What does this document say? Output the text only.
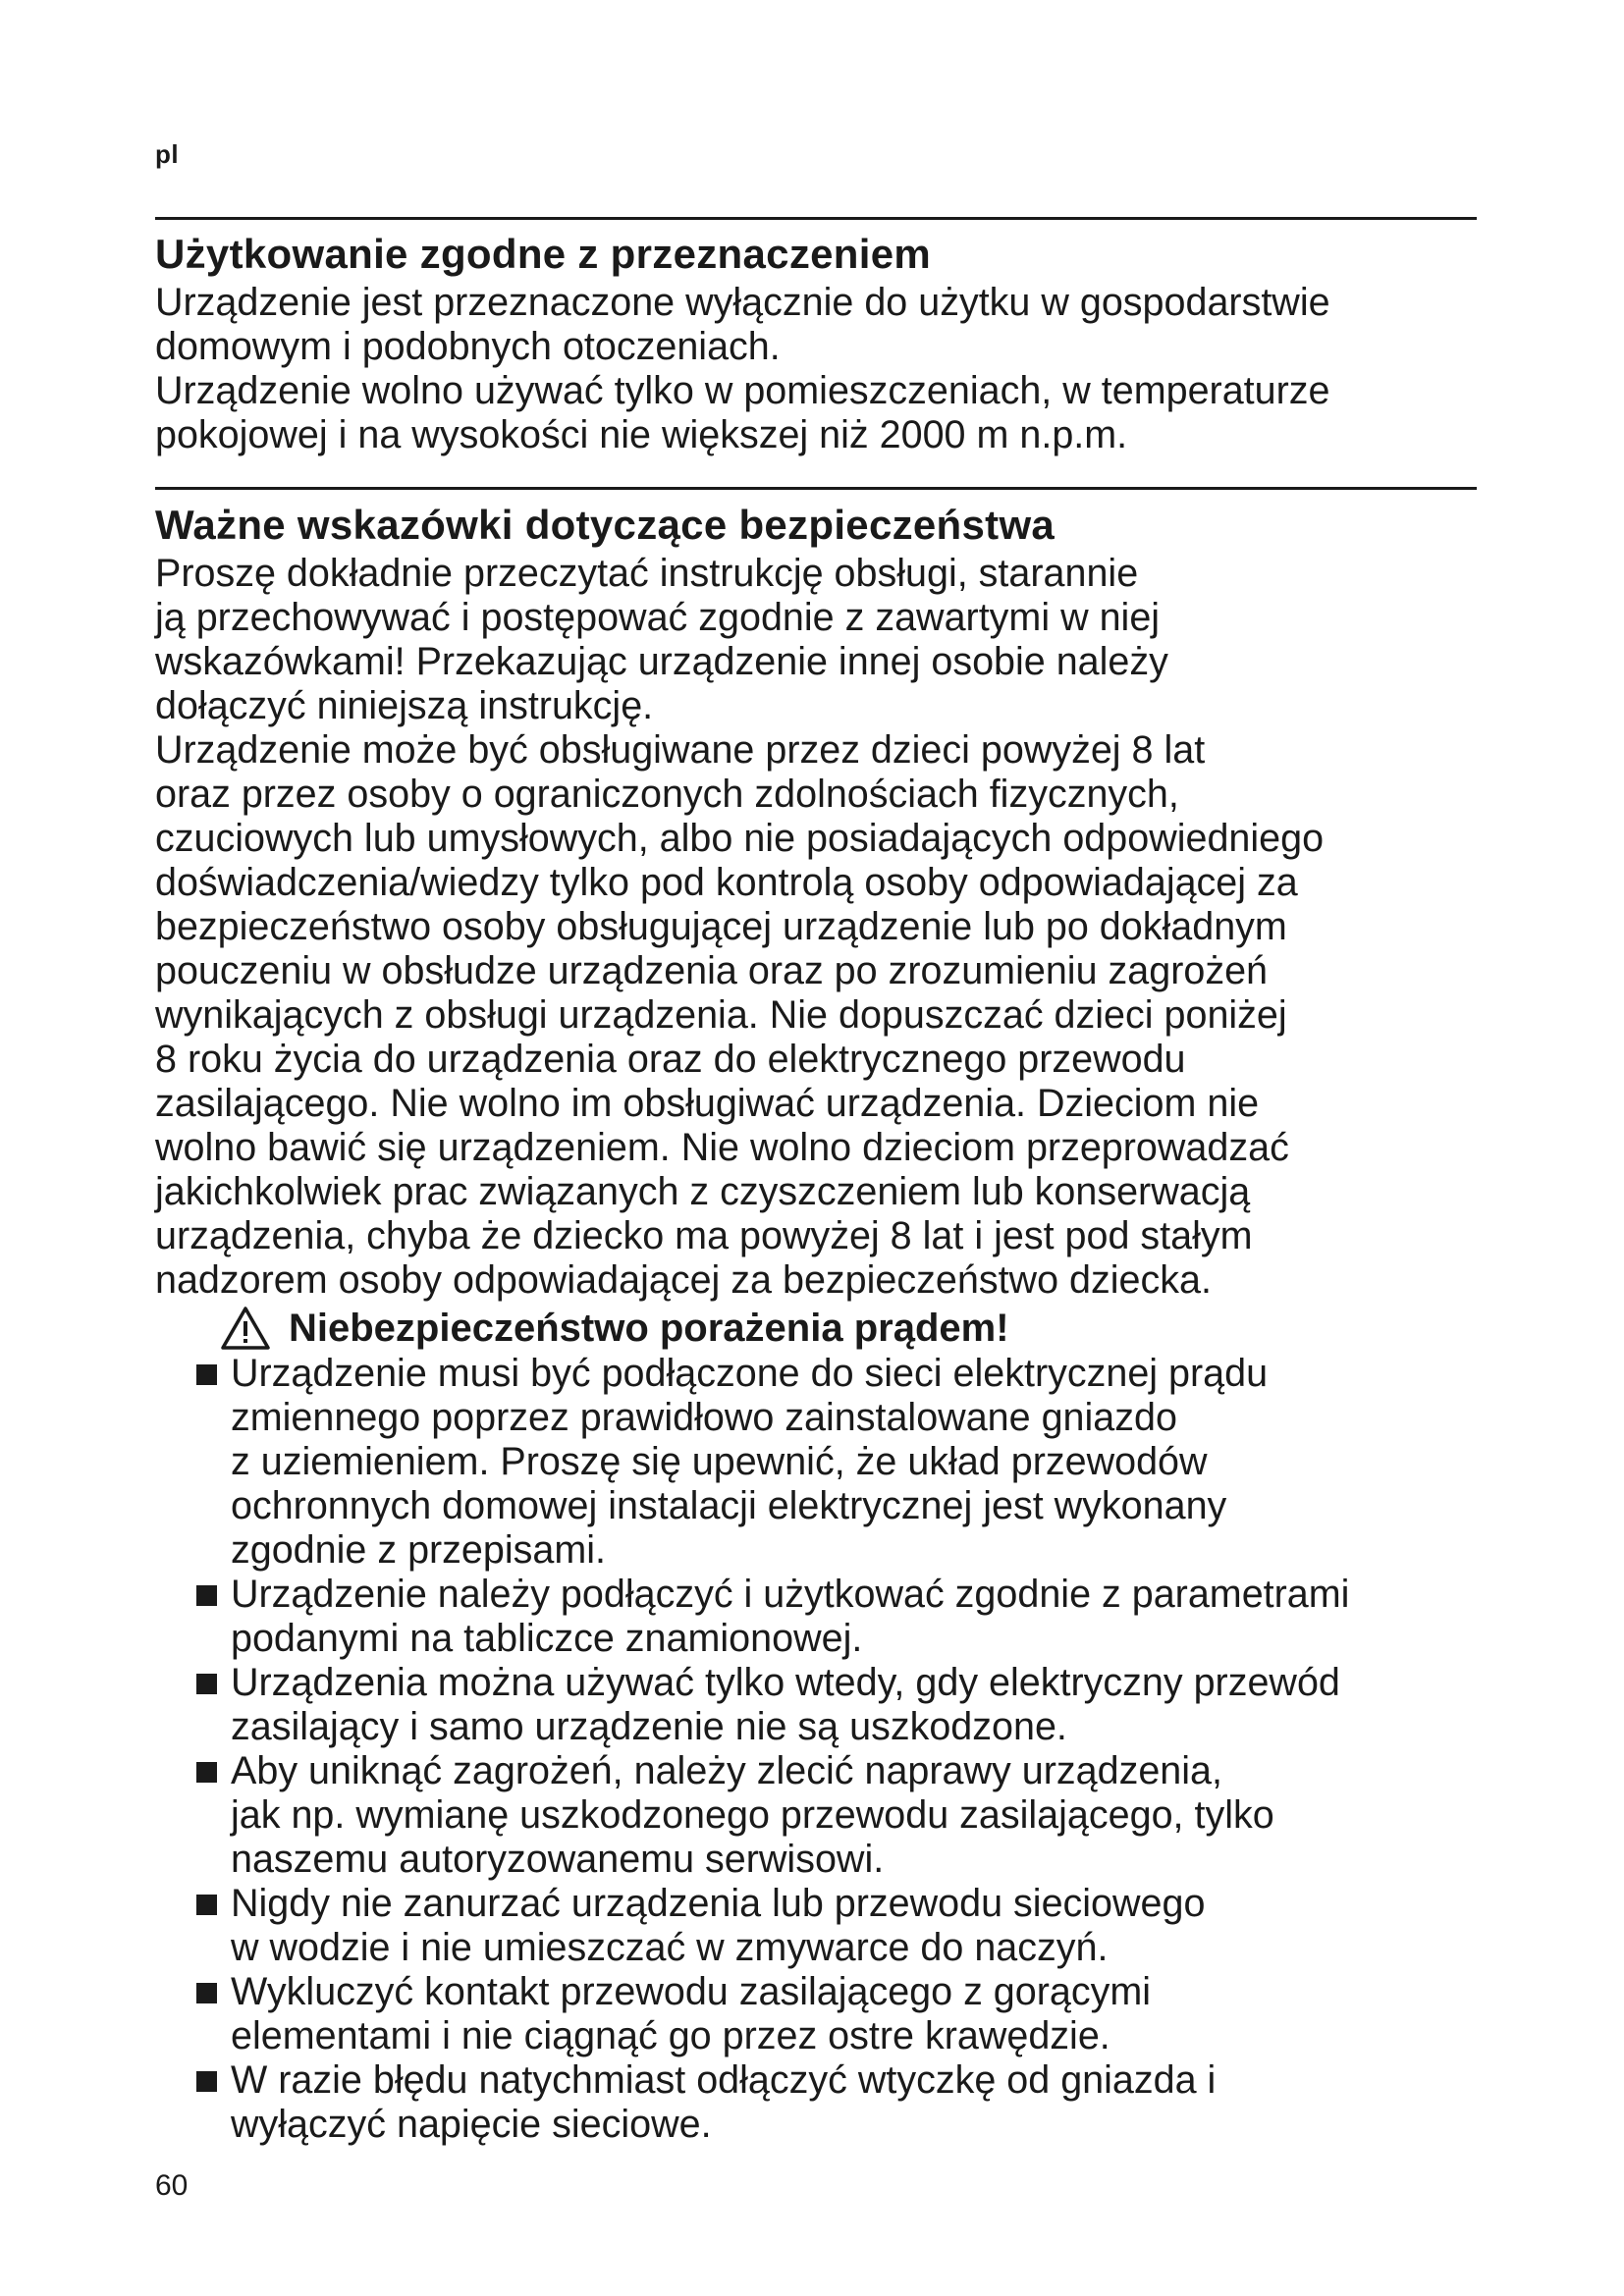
pl
Użytkowanie zgodne z przeznaczeniem

Urządzenie jest przeznaczone wyłącznie do użytku w gospodarstwie
domowym i podobnych otoczeniach.
Urządzenie wolno używać tylko w pomieszczeniach, w temperaturze
pokojowej i na wysokości nie większej niż 2000 m n.p.m.

Ważne wskazówki dotyczące bezpieczeństwa

Proszę dokładnie przeczytać instrukcję obsługi, starannie
ją przechowywać i postępować zgodnie z zawartymi w niej
wskazówkami! Przekazując urządzenie innej osobie należy
dołączyć niniejszą instrukcję.
Urządzenie może być obsługiwane przez dzieci powyżej 8 lat
oraz przez osoby o ograniczonych zdolnościach fizycznych,
czuciowych lub umysłowych, albo nie posiadających odpowiedniego
doświadczenia/wiedzy tylko pod kontrolą osoby odpowiadającej za
bezpieczeństwo osoby obsługującej urządzenie lub po dokładnym
pouczeniu w obsłudze urządzenia oraz po zrozumieniu zagrożeń
wynikających z obsługi urządzenia. Nie dopuszczać dzieci poniżej
8 roku życia do urządzenia oraz do elektrycznego przewodu
zasilającego. Nie wolno im obsługiwać urządzenia. Dzieciom nie
wolno bawić się urządzeniem. Nie wolno dzieciom przeprowadzać
jakichkolwiek prac związanych z czyszczeniem lub konserwacją
urządzenia, chyba że dziecko ma powyżej 8 lat i jest pod stałym
nadzorem osoby odpowiadającej za bezpieczeństwo dziecka.

Niebezpieczeństwo porażenia prądem!
Urządzenie musi być podłączone do sieci elektrycznej prądu
zmiennego poprzez prawidłowo zainstalowane gniazdo
z uziemieniem. Proszę się upewnić, że układ przewodów
ochronnych domowej instalacji elektrycznej jest wykonany
zgodnie z przepisami.
Urządzenie należy podłączyć i użytkować zgodnie z parametrami
podanymi na tabliczce znamionowej.
Urządzenia można używać tylko wtedy, gdy elektryczny przewód
zasilający i samo urządzenie nie są uszkodzone.
Aby uniknąć zagrożeń, należy zlecić naprawy urządzenia,
jak np. wymianę uszkodzonego przewodu zasilającego, tylko
naszemu autoryzowanemu serwisowi.
Nigdy nie zanurzać urządzenia lub przewodu sieciowego
w wodzie i nie umieszczać w zmywarce do naczyń.
Wykluczyć kontakt przewodu zasilającego z gorącymi
elementami i nie ciągnąć go przez ostre krawędzie.
W razie błędu natychmiast odłączyć wtyczkę od gniazda i
wyłączyć napięcie sieciowe.
60
